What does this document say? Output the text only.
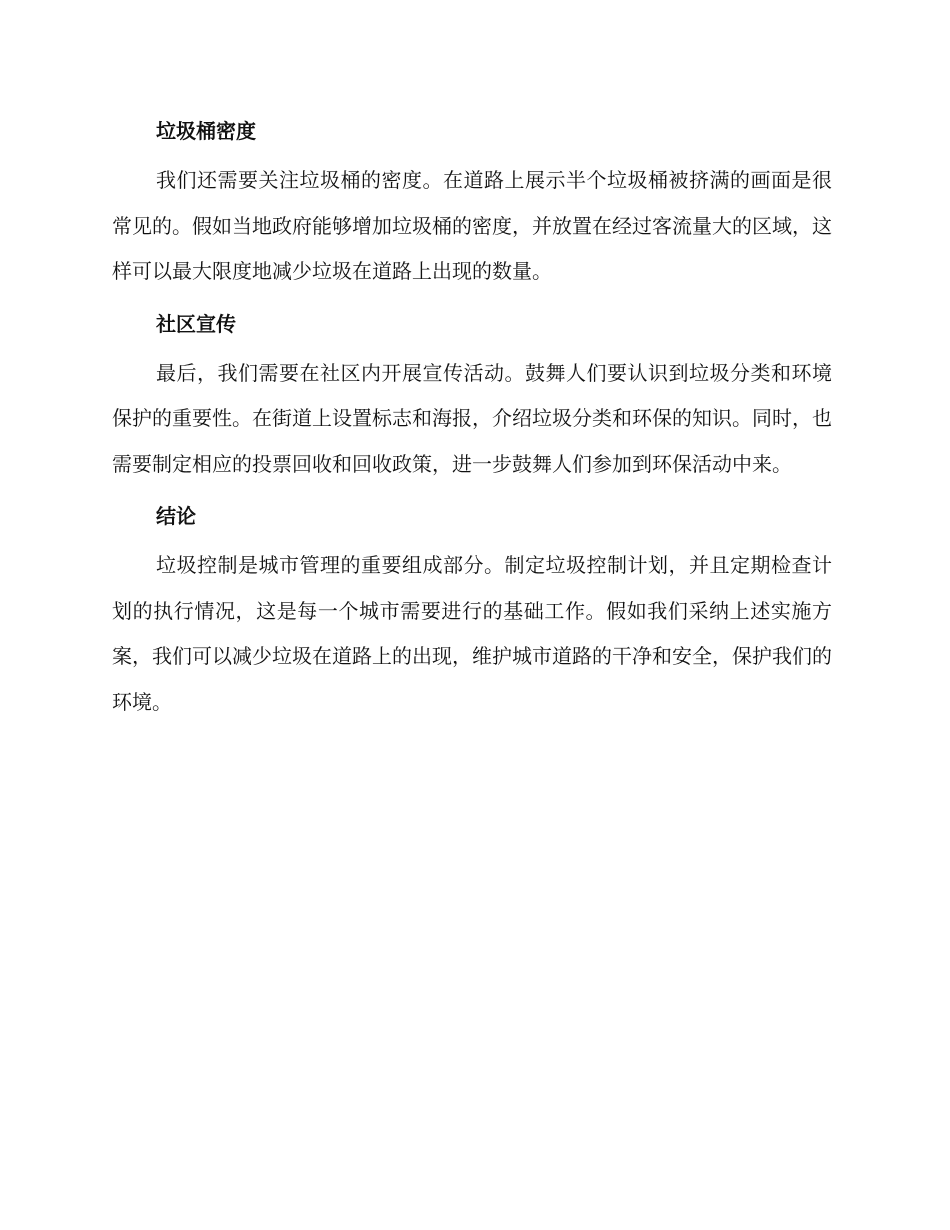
垃圾桶密度

我们还需要关注垃圾桶的密度。在道路上展示半个垃圾桶被挤满的画面是很常见的。假如当地政府能够增加垃圾桶的密度，并放置在经过客流量大的区域，这样可以最大限度地减少垃圾在道路上出现的数量。

社区宣传

最后，我们需要在社区内开展宣传活动。鼓舞人们要认识到垃圾分类和环境保护的重要性。在街道上设置标志和海报，介绍垃圾分类和环保的知识。同时，也需要制定相应的投票回收和回收政策，进一步鼓舞人们参加到环保活动中来。

结论

垃圾控制是城市管理的重要组成部分。制定垃圾控制计划，并且定期检查计划的执行情况，这是每一个城市需要进行的基础工作。假如我们采纳上述实施方案，我们可以减少垃圾在道路上的出现，维护城市道路的干净和安全，保护我们的环境。
